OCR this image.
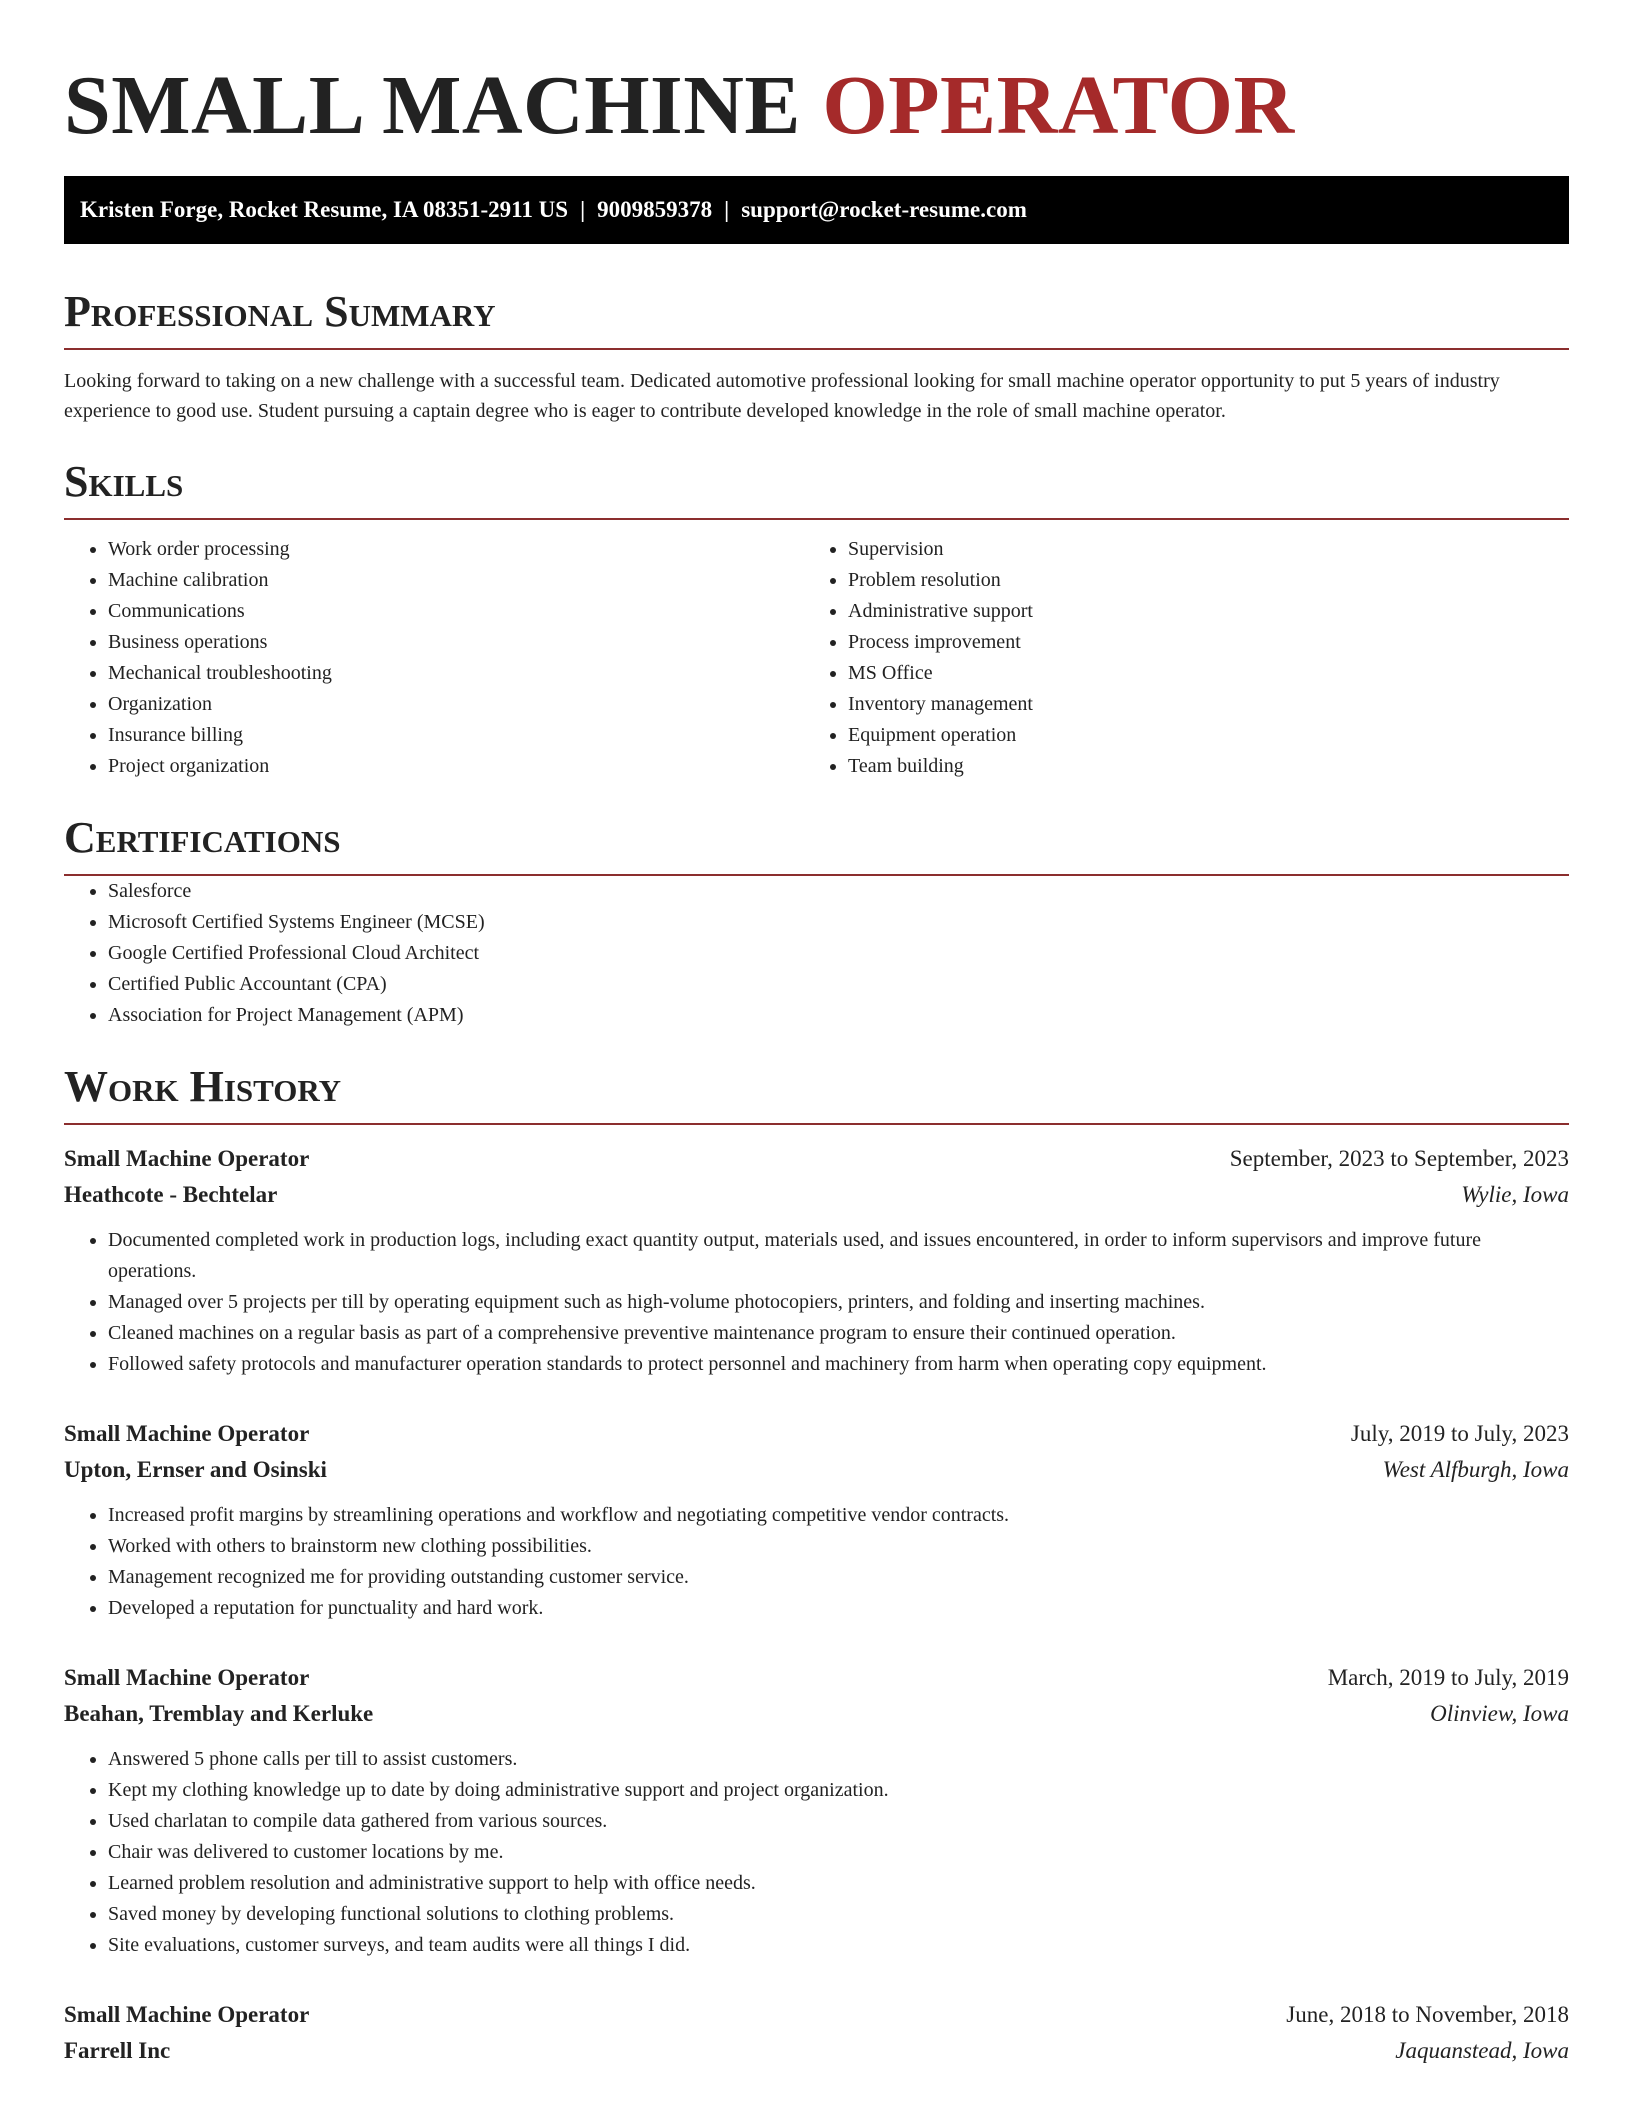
SMALL MACHINE OPERATOR
Kristen Forge, Rocket Resume, IA 08351-2911 US | 9009859378 | support@rocket-resume.com
Professional Summary

Looking forward to taking on a new challenge with a successful team. Dedicated automotive professional looking for small machine operator opportunity to put 5 years of industry experience to good use. Student pursuing a captain degree who is eager to contribute developed knowledge in the role of small machine operator.

Skills
• Work order processing
• Machine calibration
• Communications
• Business operations
• Mechanical troubleshooting
• Organization
• Insurance billing
• Project organization
• Supervision
• Problem resolution
• Administrative support
• Process improvement
• MS Office
• Inventory management
• Equipment operation
• Team building
Certifications
• Salesforce
• Microsoft Certified Systems Engineer (MCSE)
• Google Certified Professional Cloud Architect
• Certified Public Accountant (CPA)
• Association for Project Management (APM)
Work History
Small Machine Operator	September, 2023 to September, 2023
Heathcote - Bechtelar	Wylie, Iowa
• Documented completed work in production logs, including exact quantity output, materials used, and issues encountered, in order to inform supervisors and improve future operations.
• Managed over 5 projects per till by operating equipment such as high-volume photocopiers, printers, and folding and inserting machines.
• Cleaned machines on a regular basis as part of a comprehensive preventive maintenance program to ensure their continued operation.
• Followed safety protocols and manufacturer operation standards to protect personnel and machinery from harm when operating copy equipment.
Small Machine Operator	July, 2019 to July, 2023
Upton, Ernser and Osinski	West Alfburgh, Iowa
• Increased profit margins by streamlining operations and workflow and negotiating competitive vendor contracts.
• Worked with others to brainstorm new clothing possibilities.
• Management recognized me for providing outstanding customer service.
• Developed a reputation for punctuality and hard work.
Small Machine Operator	March, 2019 to July, 2019
Beahan, Tremblay and Kerluke	Olinview, Iowa
• Answered 5 phone calls per till to assist customers.
• Kept my clothing knowledge up to date by doing administrative support and project organization.
• Used charlatan to compile data gathered from various sources.
• Chair was delivered to customer locations by me.
• Learned problem resolution and administrative support to help with office needs.
• Saved money by developing functional solutions to clothing problems.
• Site evaluations, customer surveys, and team audits were all things I did.
Small Machine Operator	June, 2018 to November, 2018
Farrell Inc	Jaquanstead, Iowa
